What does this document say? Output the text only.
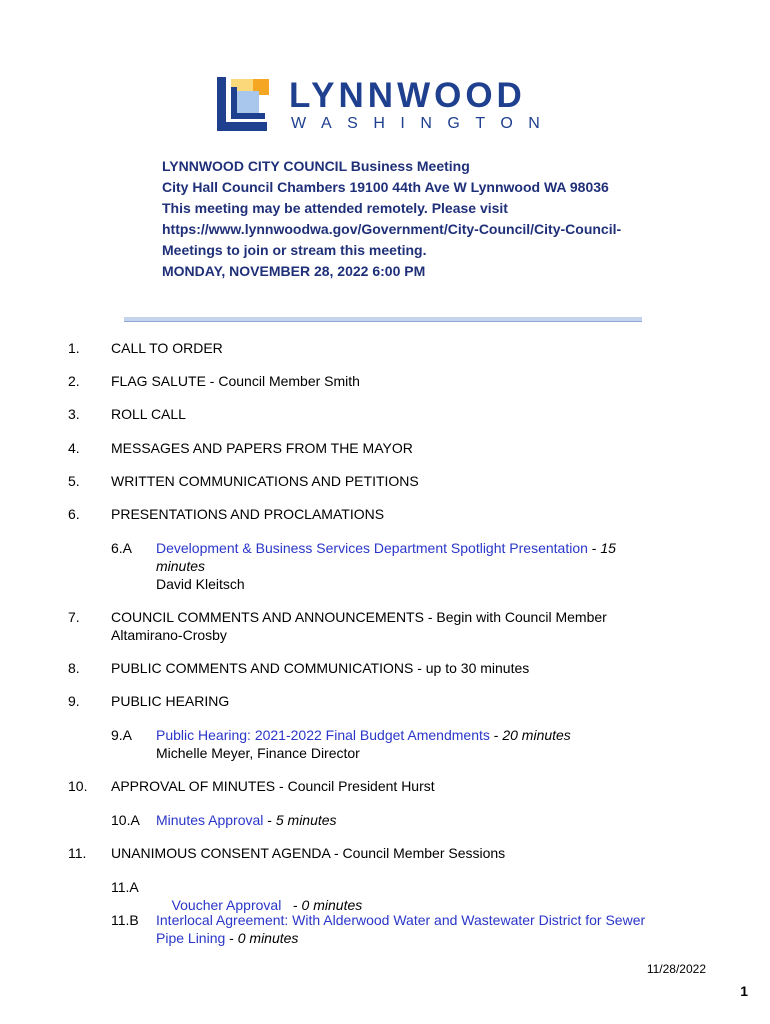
LYNNWOOD
WASHINGTON
LYNNWOOD CITY COUNCIL Business Meeting
City Hall Council Chambers 19100 44th Ave W Lynnwood WA 98036
This meeting may be attended remotely. Please visit
https://www.lynnwoodwa.gov/Government/City-Council/City-Council-
Meetings to join or stream this meeting.
MONDAY, NOVEMBER 28, 2022 6:00 PM
1. CALL TO ORDER
2. FLAG SALUTE - Council Member Smith
3. ROLL CALL
4. MESSAGES AND PAPERS FROM THE MAYOR
5. WRITTEN COMMUNICATIONS AND PETITIONS
6. PRESENTATIONS AND PROCLAMATIONS
6.A Development & Business Services Department Spotlight Presentation - 15
minutes
David Kleitsch
7. COUNCIL COMMENTS AND ANNOUNCEMENTS - Begin with Council Member
Altamirano-Crosby
8. PUBLIC COMMENTS AND COMMUNICATIONS - up to 30 minutes
9. PUBLIC HEARING
9.A Public Hearing: 2021-2022 Final Budget Amendments - 20 minutes
Michelle Meyer, Finance Director
10. APPROVAL OF MINUTES - Council President Hurst
10.A Minutes Approval - 5 minutes
11. UNANIMOUS CONSENT AGENDA - Council Member Sessions
11.A

Voucher Approval   - 0 minutes

11.B Interlocal Agreement: With Alderwood Water and Wastewater District for Sewer
Pipe Lining - 0 minutes
11/28/2022
1
